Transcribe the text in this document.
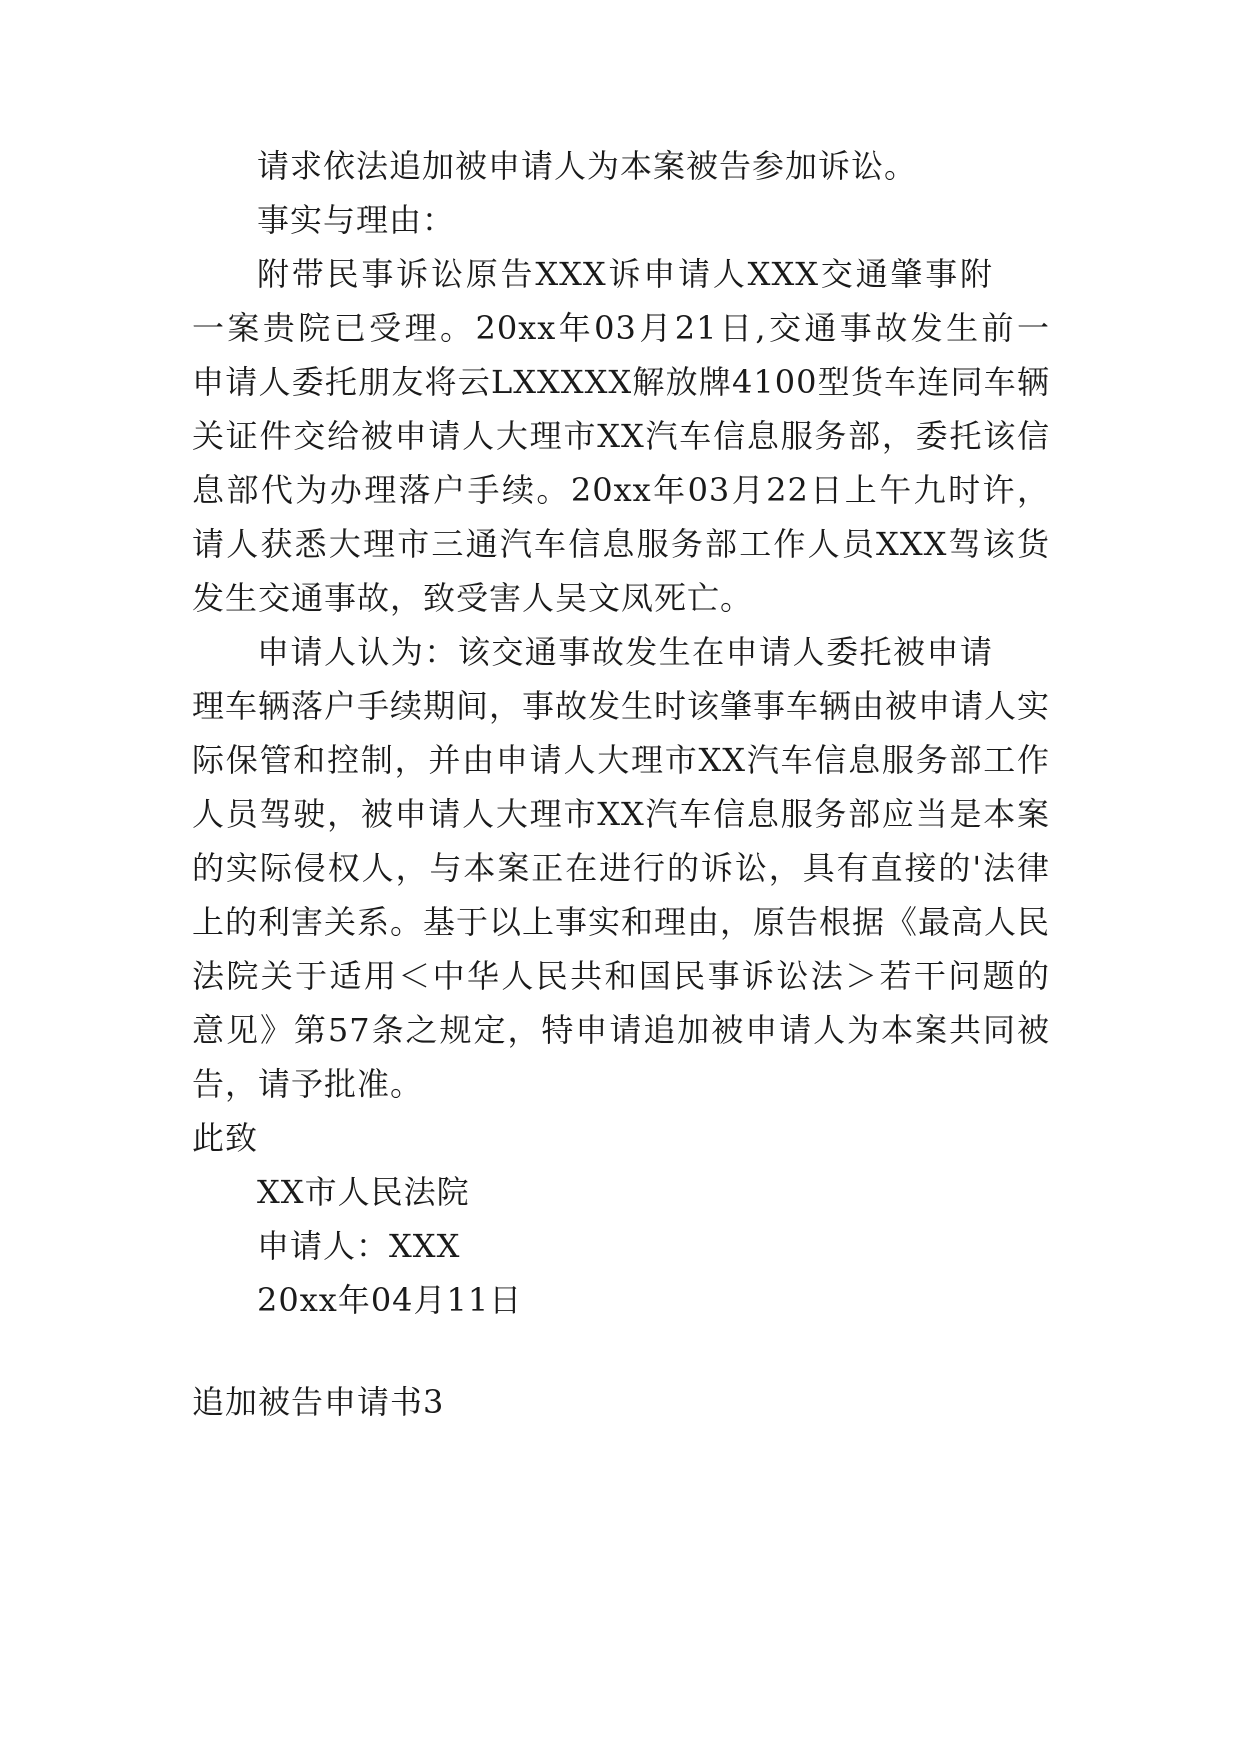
请求依法追加被申请人为本案被告参加诉讼。
事实与理由：
附带民事诉讼原告XXX诉申请人XXX交通肇事附
一案贵院已受理。20xx年03月21日,交通事故发生前一
申请人委托朋友将云LXXXXX解放牌4100型货车连同车辆
关证件交给被申请人大理市XX汽车信息服务部，委托该信
息部代为办理落户手续。20xx年03月22日上午九时许，
请人获悉大理市三通汽车信息服务部工作人员XXX驾该货
发生交通事故，致受害人吴文凤死亡。
申请人认为：该交通事故发生在申请人委托被申请
理车辆落户手续期间，事故发生时该肇事车辆由被申请人实
际保管和控制，并由申请人大理市XX汽车信息服务部工作
人员驾驶，被申请人大理市XX汽车信息服务部应当是本案
的实际侵权人，与本案正在进行的诉讼，具有直接的'法律
上的利害关系。基于以上事实和理由，原告根据《最高人民
法院关于适用＜中华人民共和国民事诉讼法＞若干问题的
意见》第57条之规定，特申请追加被申请人为本案共同被
告，请予批准。
此致
XX市人民法院
申请人：XXX
20xx年04月11日
追加被告申请书3
